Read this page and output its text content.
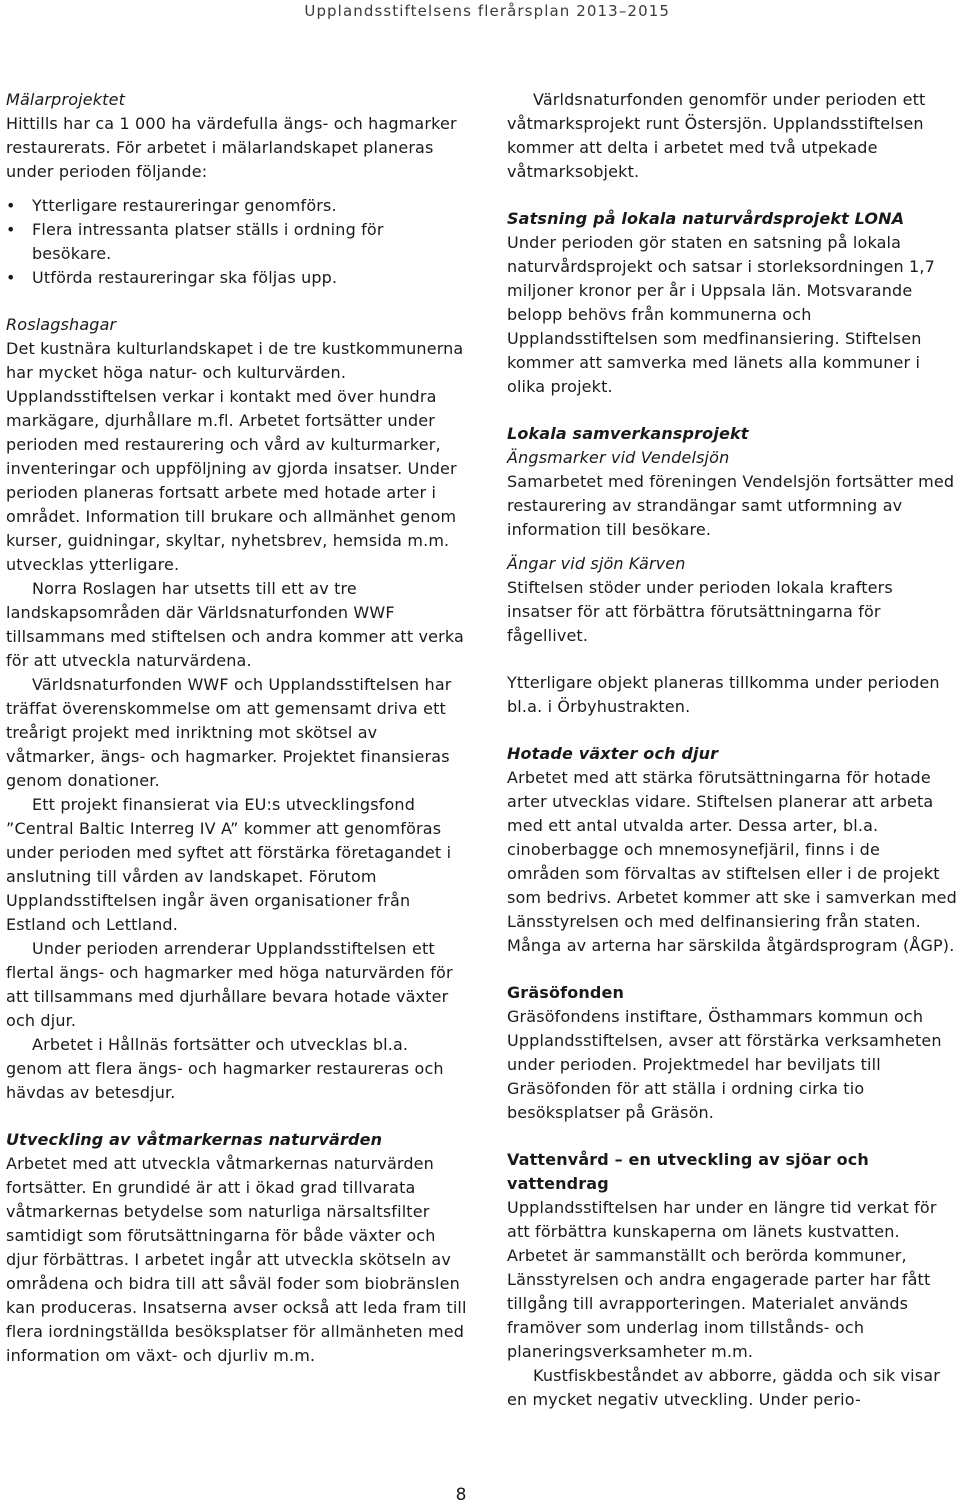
Upplandsstiftelsens flerårsplan 2013–2015

Mälarprojektet

Hittills har ca 1 000 ha värdefulla ängs- och hagmarker restaurerats. För arbetet i mälarlandskapet planeras under perioden följande:

• Ytterligare restaureringar genomförs.
• Flera intressanta platser ställs i ordning för besökare.
• Utförda restaureringar ska följas upp.

Roslagshagar

Det kustnära kulturlandskapet i de tre kustkommunerna har mycket höga natur- och kulturvärden. Upplandsstiftelsen verkar i kontakt med över hundra markägare, djurhållare m.fl. Arbetet fortsätter under perioden med restaurering och vård av kulturmarker, inventeringar och uppföljning av gjorda insatser. Under perioden planeras fortsatt arbete med hotade arter i området. Information till brukare och allmänhet genom kurser, guidningar, skyltar, nyhetsbrev, hemsida m.m. utvecklas ytterligare.

Norra Roslagen har utsetts till ett av tre landskapsområden där Världsnaturfonden WWF tillsammans med stiftelsen och andra kommer att verka för att utveckla naturvärdena.

Världsnaturfonden WWF och Upplandsstiftelsen har träffat överenskommelse om att gemensamt driva ett treårigt projekt med inriktning mot skötsel av våtmarker, ängs- och hagmarker. Projektet finansieras genom donationer.

Ett projekt finansierat via EU:s utvecklingsfond ”Central Baltic Interreg IV A” kommer att genomföras under perioden med syftet att förstärka företagandet i anslutning till vården av landskapet. Förutom Upplandsstiftelsen ingår även organisationer från Estland och Lettland.

Under perioden arrenderar Upplandsstiftelsen ett flertal ängs- och hagmarker med höga naturvärden för att tillsammans med djurhållare bevara hotade växter och djur.

Arbetet i Hållnäs fortsätter och utvecklas bl.a. genom att flera ängs- och hagmarker restaureras och hävdas av betesdjur.

Utveckling av våtmarkernas naturvärden

Arbetet med att utveckla våtmarkernas naturvärden fortsätter. En grundidé är att i ökad grad tillvarata våtmarkernas betydelse som naturliga närsaltsfilter samtidigt som förutsättningarna för både växter och djur förbättras. I arbetet ingår att utveckla skötseln av områdena och bidra till att såväl foder som biobränslen kan produceras. Insatserna avser också att leda fram till flera iordningställda besöksplatser för allmänheten med information om växt- och djurliv m.m.

Världsnaturfonden genomför under perioden ett våtmarksprojekt runt Östersjön. Upplandsstiftelsen kommer att delta i arbetet med två utpekade våtmarksobjekt.

Satsning på lokala naturvårdsprojekt LONA

Under perioden gör staten en satsning på lokala naturvårdsprojekt och satsar i storleksordningen 1,7 miljoner kronor per år i Uppsala län. Motsvarande belopp behövs från kommunerna och Upplandsstiftelsen som medfinansiering. Stiftelsen kommer att samverka med länets alla kommuner i olika projekt.

Lokala samverkansprojekt

Ängsmarker vid Vendelsjön

Samarbetet med föreningen Vendelsjön fortsätter med restaurering av strandängar samt utformning av information till besökare.

Ängar vid sjön Kärven

Stiftelsen stöder under perioden lokala krafters insatser för att förbättra förutsättningarna för fågellivet.

Ytterligare objekt planeras tillkomma under perioden bl.a. i Örbyhustrakten.

Hotade växter och djur

Arbetet med att stärka förutsättningarna för hotade arter utvecklas vidare. Stiftelsen planerar att arbeta med ett antal utvalda arter. Dessa arter, bl.a. cinoberbagge och mnemosynefjäril, finns i de områden som förvaltas av stiftelsen eller i de projekt som bedrivs. Arbetet kommer att ske i samverkan med Länsstyrelsen och med delfinansiering från staten. Många av arterna har särskilda åtgärdsprogram (ÅGP).

Gräsöfonden

Gräsöfondens instiftare, Östhammars kommun och Upplandsstiftelsen, avser att förstärka verksamheten under perioden. Projektmedel har beviljats till Gräsöfonden för att ställa i ordning cirka tio besöksplatser på Gräsön.

Vattenvård – en utveckling av sjöar och vattendrag

Upplandsstiftelsen har under en längre tid verkat för att förbättra kunskaperna om länets kustvatten. Arbetet är sammanställt och berörda kommuner, Länsstyrelsen och andra engagerade parter har fått tillgång till avrapporteringen. Materialet används framöver som underlag inom tillstånds- och planeringsverksamheter m.m.

Kustfiskbeståndet av abborre, gädda och sik visar en mycket negativ utveckling. Under perio-

8
